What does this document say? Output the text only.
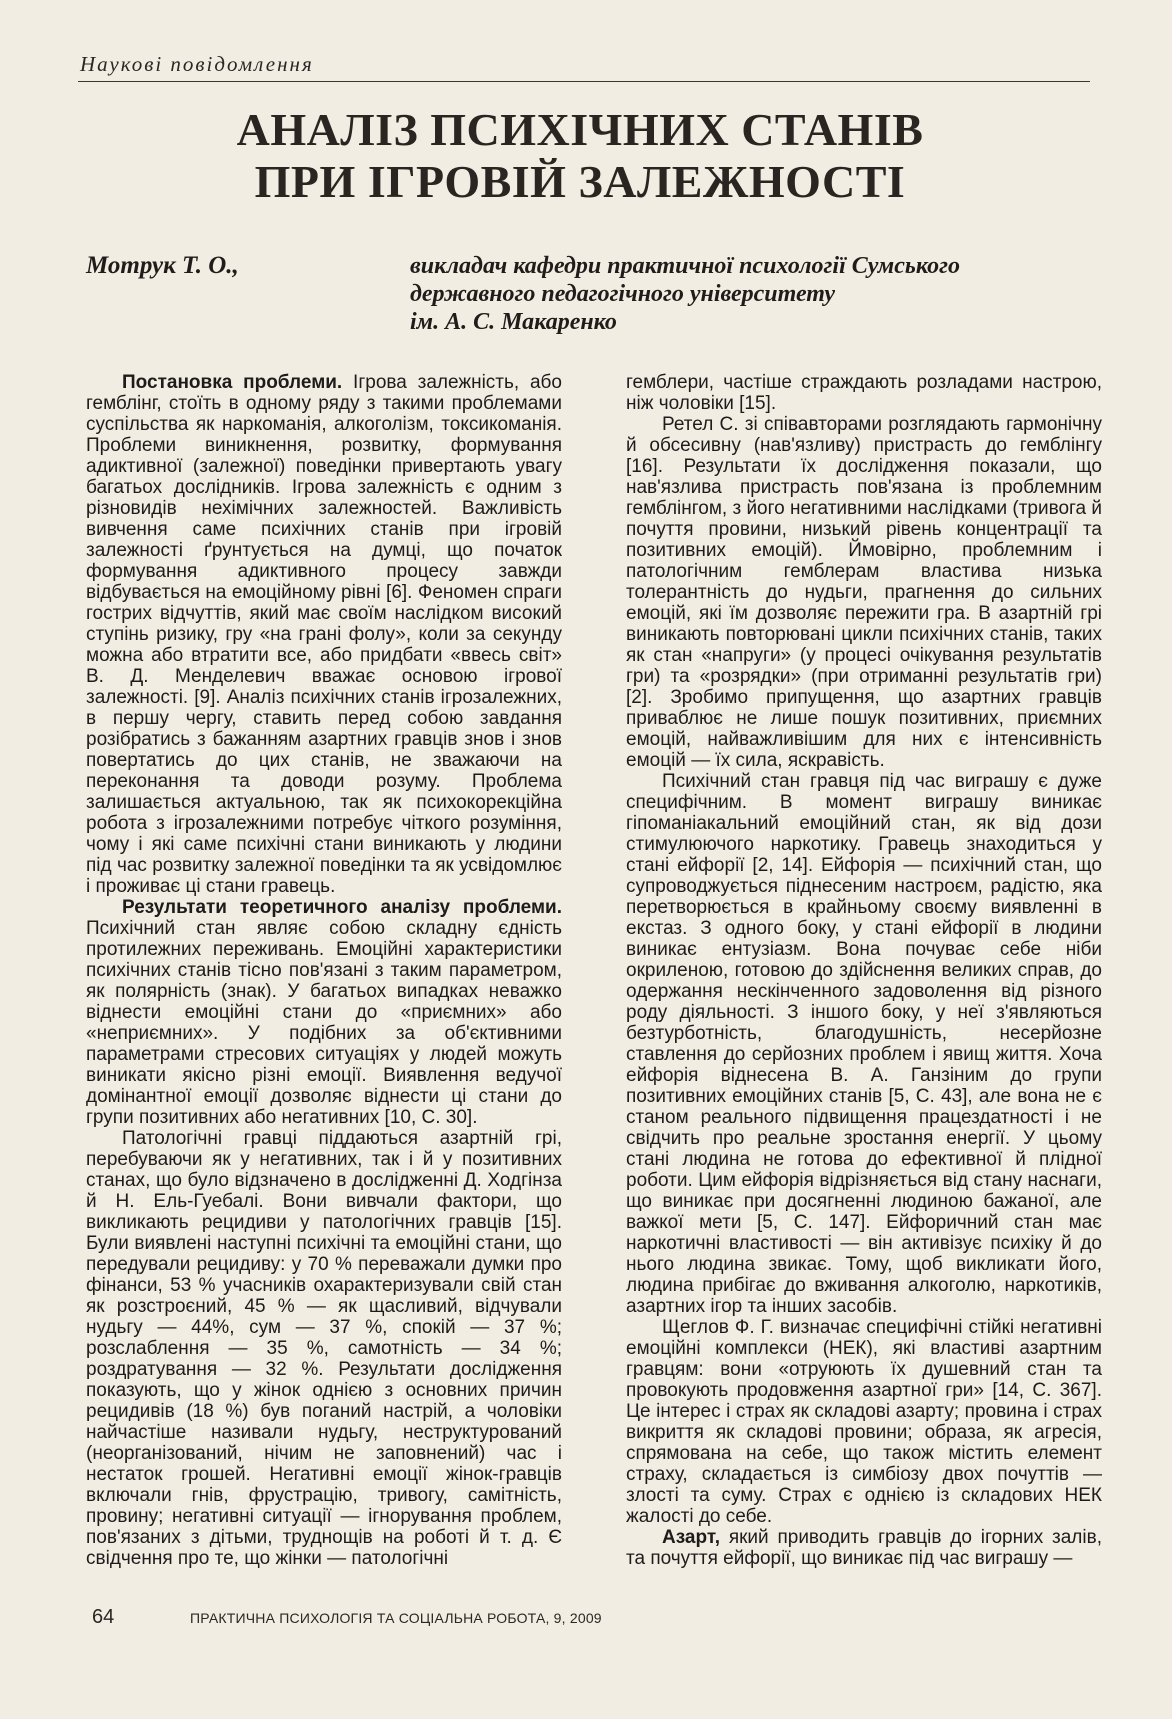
Наукові повідомлення
АНАЛІЗ ПСИХІЧНИХ СТАНІВ
ПРИ ІГРОВІЙ ЗАЛЕЖНОСТІ
Мотрук Т. О.,	викладач кафедри практичної психології Сумського
державного педагогічного університету
ім. А. С. Макаренко

Постановка проблеми. Ігрова залежність, або гемблінг, стоїть в одному ряду з такими проблемами суспільства як наркоманія, алкоголізм, токсикоманія. Проблеми виникнення, розвитку, формування адиктивної (залежної) поведінки привертають увагу багатьох дослідників. Ігрова залежність є одним з різновидів нехімічних залежностей. Важливість вивчення саме психічних станів при ігровій залежності ґрунтується на думці, що початок формування адиктивного процесу завжди відбувається на емоційному рівні [6]. Феномен спраги гострих відчуттів, який має своїм наслідком високий ступінь ризику, гру «на грані фолу», коли за секунду можна або втратити все, або придбати «ввесь світ» В. Д. Менделевич вважає основою ігрової залежності. [9]. Аналіз психічних станів ігрозалежних, в першу чергу, ставить перед собою завдання розібратись з бажанням азартних гравців знов і знов повертатись до цих станів, не зважаючи на переконання та доводи розуму. Проблема залишається актуальною, так як психокорекційна робота з ігрозалежними потребує чіткого розуміння, чому і які саме психічні стани виникають у людини під час розвитку залежної поведінки та як усвідомлює і проживає ці стани гравець.

Результати теоретичного аналізу проблеми. Психічний стан являє собою складну єдність протилежних переживань. Емоційні характеристики психічних станів тісно пов'язані з таким параметром, як полярність (знак). У багатьох випадках неважко віднести емоційні стани до «приємних» або «неприємних». У подібних за об'єктивними параметрами стресових ситуаціях у людей можуть виникати якісно різні емоції. Виявлення ведучої домінантної емоції дозволяє віднести ці стани до групи позитивних або негативних [10, С. 30].

Патологічні гравці піддаються азартній грі, перебуваючи як у негативних, так і й у позитивних станах, що було відзначено в дослідженні Д. Ходгінза й Н. Ель-Гуебалі. Вони вивчали фактори, що викликають рецидиви у патологічних гравців [15]. Були виявлені наступні психічні та емоційні стани, що передували рецидиву: у 70 % переважали думки про фінанси, 53 % учасників охарактеризували свій стан як розстроєний, 45 % — як щасливий, відчували нудьгу — 44%, сум — 37 %, спокій — 37 %; розслаблення — 35 %, самотність — 34 %; роздратування — 32 %. Результати дослідження показують, що у жінок однією з основних причин рецидивів (18 %) був поганий настрій, а чоловіки найчастіше називали нудьгу, неструктурований (неорганізований, нічим не заповнений) час і нестаток грошей. Негативні емоції жінок-гравців включали гнів, фрустрацію, тривогу, самітність, провину; негативні ситуації — ігнорування проблем, пов'язаних з дітьми, труднощів на роботі й т. д. Є свідчення про те, що жінки — патологічні

гемблери, частіше страждають розладами настрою, ніж чоловіки [15].

Ретел С. зі співавторами розглядають гармонічну й обсесивну (нав'язливу) пристрасть до гемблінгу [16]. Результати їх дослідження показали, що нав'язлива пристрасть пов'язана із проблемним гемблінгом, з його негативними наслідками (тривога й почуття провини, низький рівень концентрації та позитивних емоцій). Ймовірно, проблемним і патологічним гемблерам властива низька толерантність до нудьги, прагнення до сильних емоцій, які їм дозволяє пережити гра. В азартній грі виникають повторювані цикли психічних станів, таких як стан «напруги» (у процесі очікування результатів гри) та «розрядки» (при отриманні результатів гри) [2]. Зробимо припущення, що азартних гравців приваблює не лише пошук позитивних, приємних емоцій, найважливішим для них є інтенсивність емоцій — їх сила, яскравість.

Психічний стан гравця під час виграшу є дуже специфічним. В момент виграшу виникає гіпоманіакальний емоційний стан, як від дози стимулюючого наркотику. Гравець знаходиться у стані ейфорії [2, 14]. Ейфорія — психічний стан, що супроводжується піднесеним настроєм, радістю, яка перетворюється в крайньому своєму виявленні в екстаз. З одного боку, у стані ейфорії в людини виникає ентузіазм. Вона почуває себе ніби окриленою, готовою до здійснення великих справ, до одержання нескінченного задоволення від різного роду діяльності. З іншого боку, у неї з'являються безтурботність, благодушність, несерйозне ставлення до серйозних проблем і явищ життя. Хоча ейфорія віднесена В. А. Ганзіним до групи позитивних емоційних станів [5, С. 43], але вона не є станом реального підвищення працездатності і не свідчить про реальне зростання енергії. У цьому стані людина не готова до ефективної й плідної роботи. Цим ейфорія відрізняється від стану наснаги, що виникає при досягненні людиною бажаної, але важкої мети [5, С. 147]. Ейфоричний стан має наркотичні властивості — він активізує психіку й до нього людина звикає. Тому, щоб викликати його, людина прибігає до вживання алкоголю, наркотиків, азартних ігор та інших засобів.

Щеглов Ф. Г. визначає специфічні стійкі негативні емоційні комплекси (НЕК), які властиві азартним гравцям: вони «отруюють їх душевний стан та провокують продовження азартної гри» [14, С. 367]. Це інтерес і страх як складові азарту; провина і страх викриття як складові провини; образа, як агресія, спрямована на себе, що також містить елемент страху, складається із симбіозу двох почуттів — злості та суму. Страх є однією із складових НЕК жалості до себе.

Азарт, який приводить гравців до ігорних залів, та почуття ейфорії, що виникає під час виграшу —

64	ПРАКТИЧНА ПСИХОЛОГІЯ ТА СОЦІАЛЬНА РОБОТА, 9, 2009
